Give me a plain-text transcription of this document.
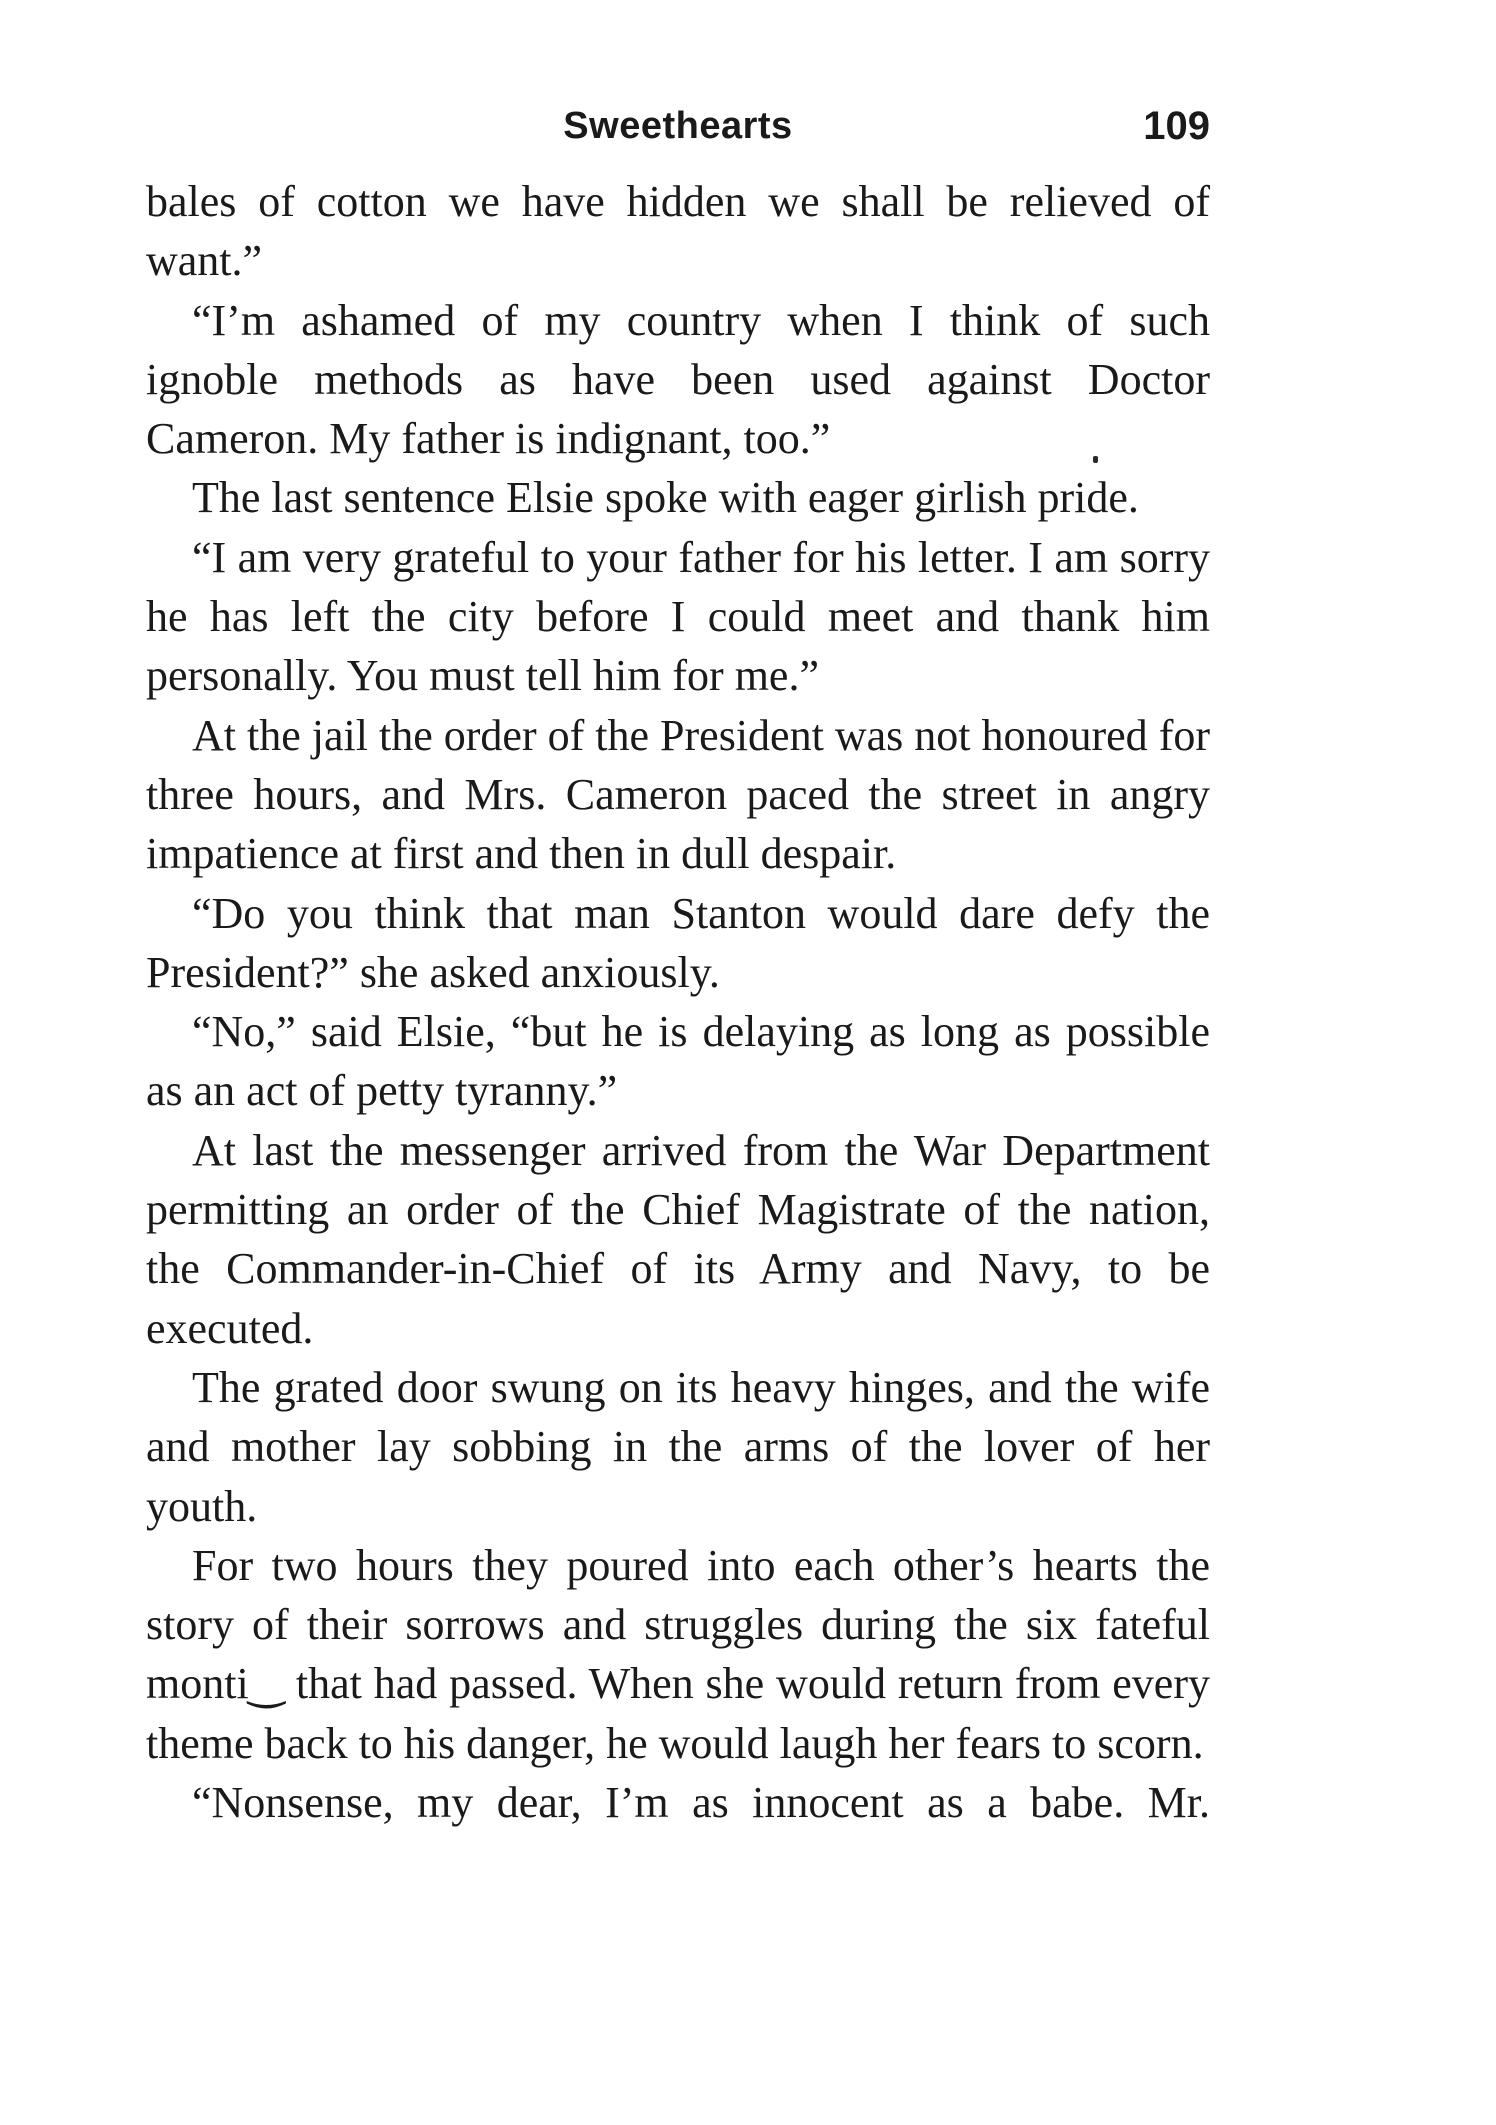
Sweethearts	109

bales of cotton we have hidden we shall be relieved of want.”

“I’m ashamed of my country when I think of such ignoble methods as have been used against Doctor Cameron. My father is indignant, too.”

The last sentence Elsie spoke with eager girlish pride.

“I am very grateful to your father for his letter. I am sorry he has left the city before I could meet and thank him personally. You must tell him for me.”

At the jail the order of the President was not honoured for three hours, and Mrs. Cameron paced the street in angry impatience at first and then in dull despair.

“Do you think that man Stanton would dare defy the President?” she asked anxiously.

“No,” said Elsie, “but he is delaying as long as possible as an act of petty tyranny.”

At last the messenger arrived from the War Department permitting an order of the Chief Magistrate of the nation, the Commander-in-Chief of its Army and Navy, to be executed.

The grated door swung on its heavy hinges, and the wife and mother lay sobbing in the arms of the lover of her youth.

For two hours they poured into each other’s hearts the story of their sorrows and struggles during the six fateful monti‿ that had passed. When she would return from every theme back to his danger, he would laugh her fears to scorn.

“Nonsense, my dear, I’m as innocent as a babe. Mr.
